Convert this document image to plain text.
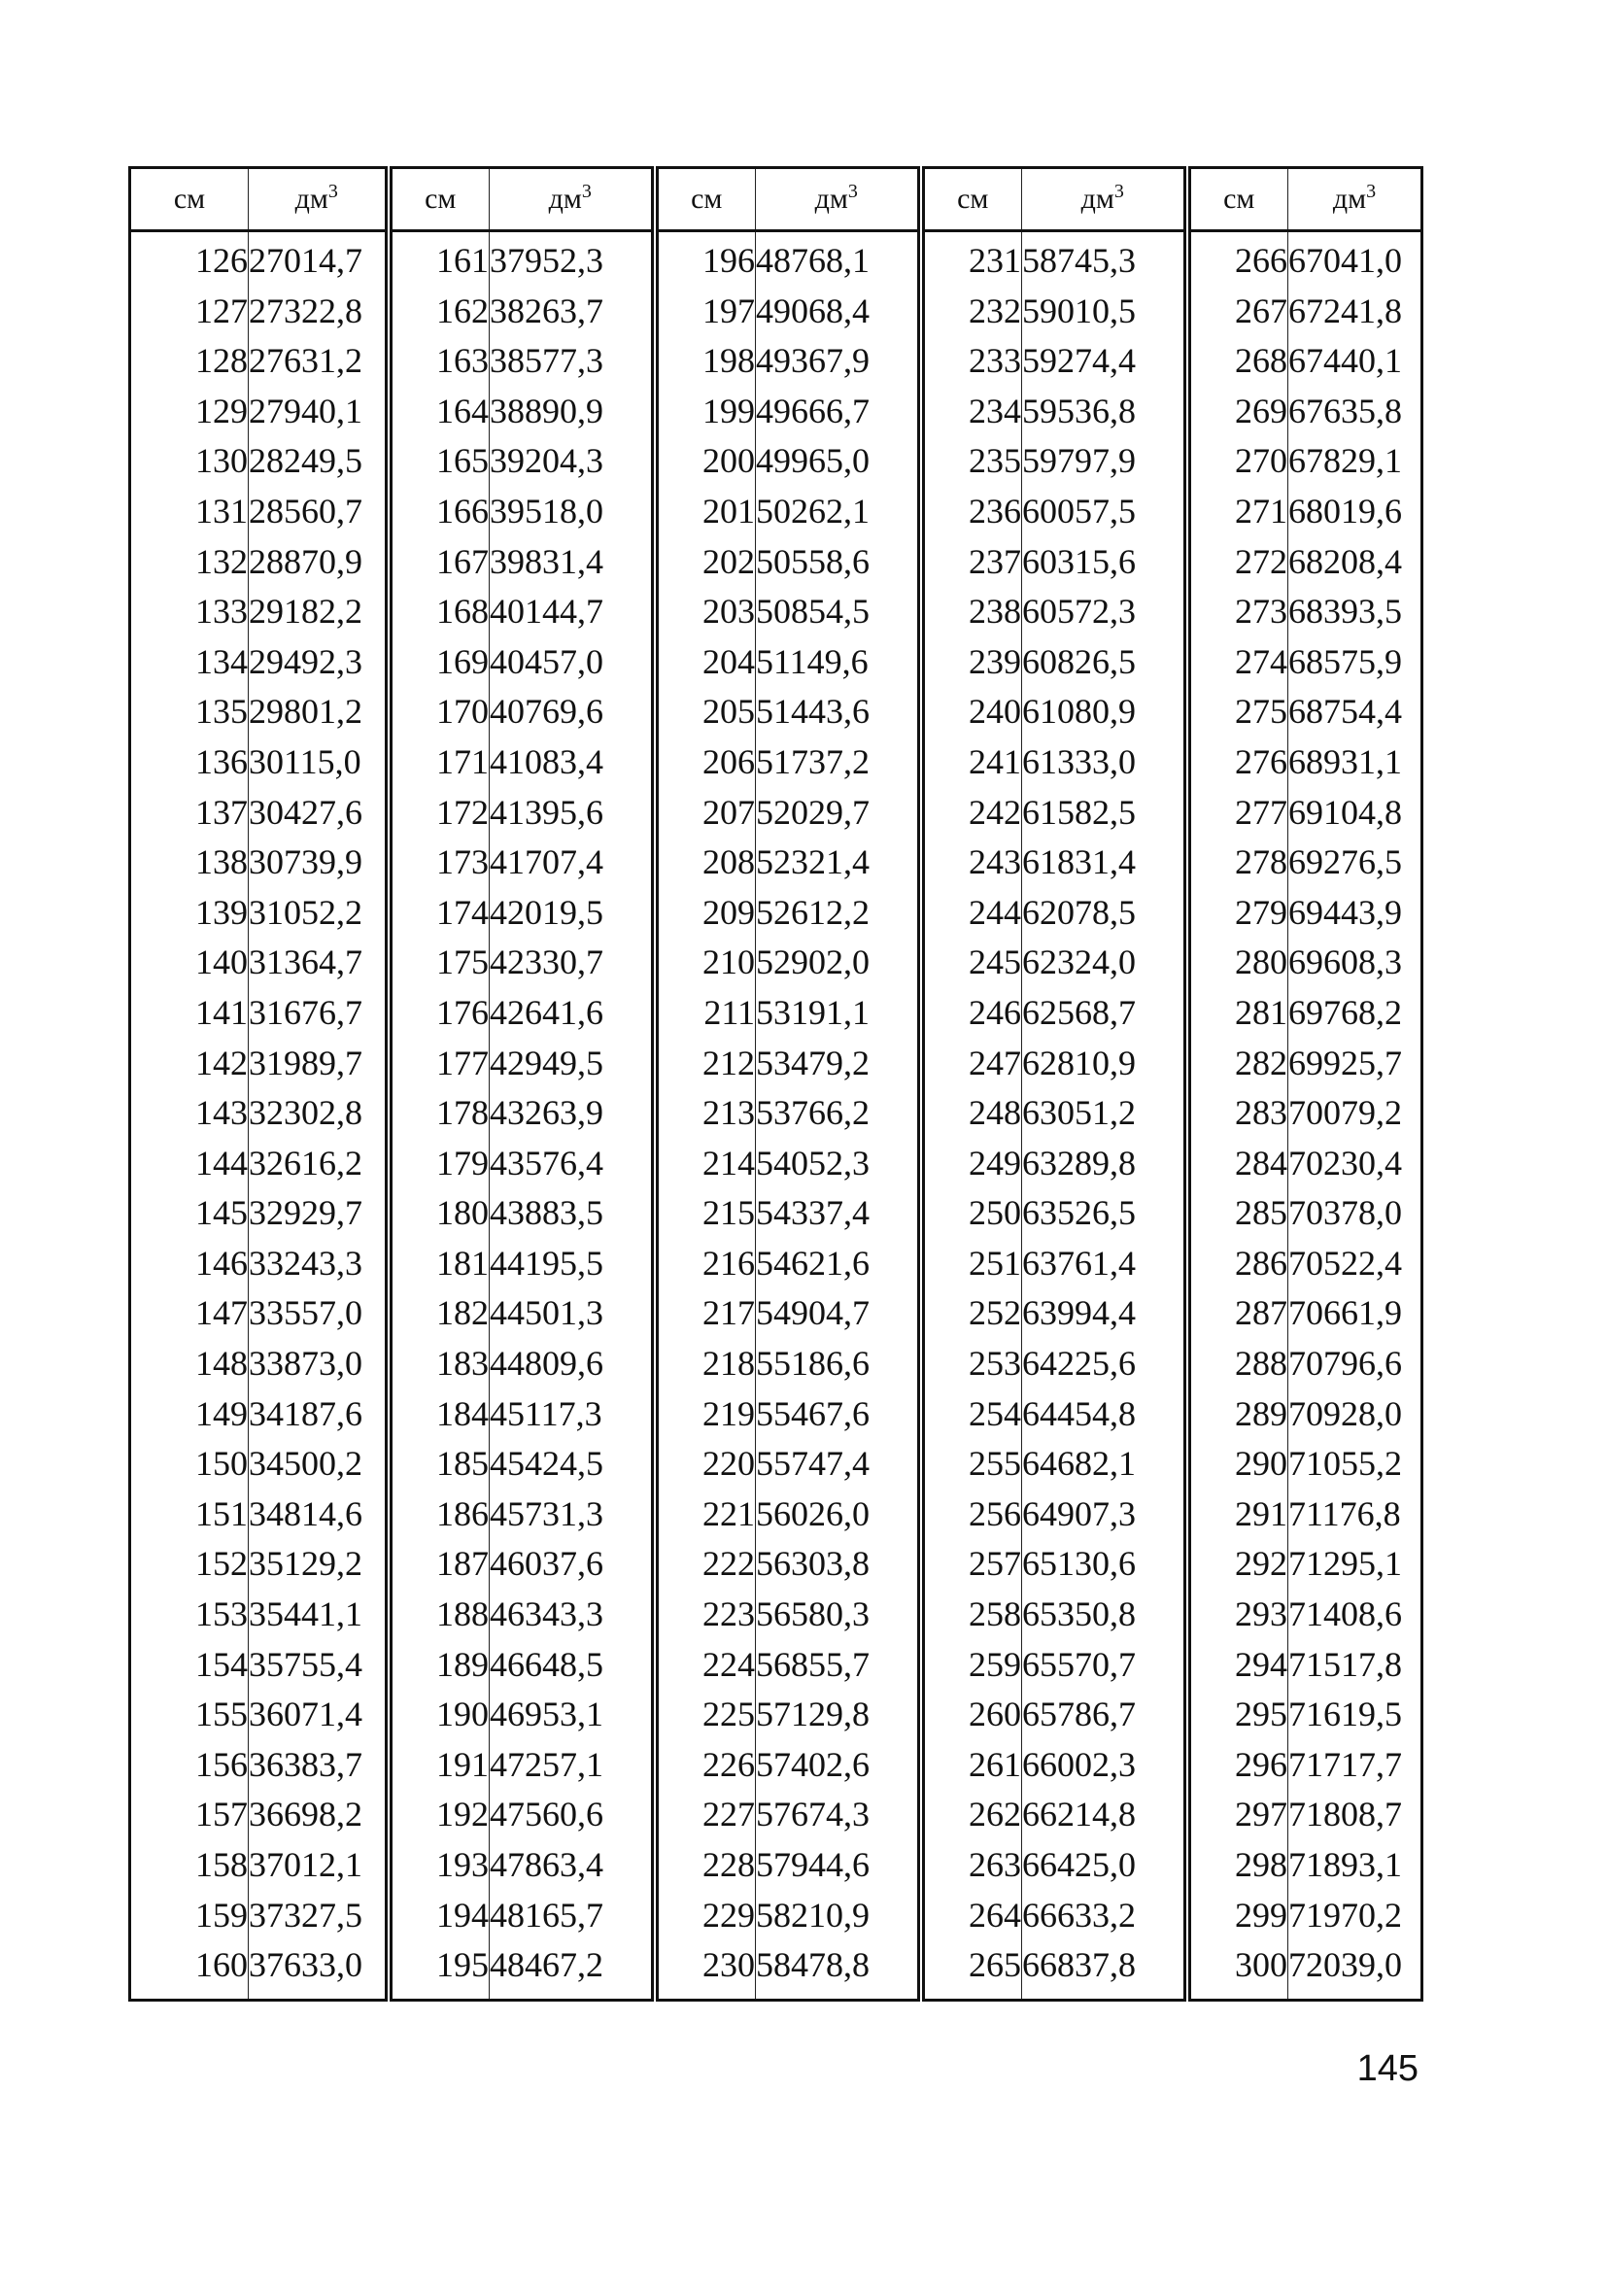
см	$дм^3$	см	$дм^3$	см	$дм^3$	см	$дм^3$	см	$дм^3$
126	27014,7	161	37952,3	196	48768,1	231	58745,3	266	67041,0
127	27322,8	162	38263,7	197	49068,4	232	59010,5	267	67241,8
128	27631,2	163	38577,3	198	49367,9	233	59274,4	268	67440,1
129	27940,1	164	38890,9	199	49666,7	234	59536,8	269	67635,8
130	28249,5	165	39204,3	200	49965,0	235	59797,9	270	67829,1
131	28560,7	166	39518,0	201	50262,1	236	60057,5	271	68019,6
132	28870,9	167	39831,4	202	50558,6	237	60315,6	272	68208,4
133	29182,2	168	40144,7	203	50854,5	238	60572,3	273	68393,5
134	29492,3	169	40457,0	204	51149,6	239	60826,5	274	68575,9
135	29801,2	170	40769,6	205	51443,6	240	61080,9	275	68754,4
136	30115,0	171	41083,4	206	51737,2	241	61333,0	276	68931,1
137	30427,6	172	41395,6	207	52029,7	242	61582,5	277	69104,8
138	30739,9	173	41707,4	208	52321,4	243	61831,4	278	69276,5
139	31052,2	174	42019,5	209	52612,2	244	62078,5	279	69443,9
140	31364,7	175	42330,7	210	52902,0	245	62324,0	280	69608,3
141	31676,7	176	42641,6	211	53191,1	246	62568,7	281	69768,2
142	31989,7	177	42949,5	212	53479,2	247	62810,9	282	69925,7
143	32302,8	178	43263,9	213	53766,2	248	63051,2	283	70079,2
144	32616,2	179	43576,4	214	54052,3	249	63289,8	284	70230,4
145	32929,7	180	43883,5	215	54337,4	250	63526,5	285	70378,0
146	33243,3	181	44195,5	216	54621,6	251	63761,4	286	70522,4
147	33557,0	182	44501,3	217	54904,7	252	63994,4	287	70661,9
148	33873,0	183	44809,6	218	55186,6	253	64225,6	288	70796,6
149	34187,6	184	45117,3	219	55467,6	254	64454,8	289	70928,0
150	34500,2	185	45424,5	220	55747,4	255	64682,1	290	71055,2
151	34814,6	186	45731,3	221	56026,0	256	64907,3	291	71176,8
152	35129,2	187	46037,6	222	56303,8	257	65130,6	292	71295,1
153	35441,1	188	46343,3	223	56580,3	258	65350,8	293	71408,6
154	35755,4	189	46648,5	224	56855,7	259	65570,7	294	71517,8
155	36071,4	190	46953,1	225	57129,8	260	65786,7	295	71619,5
156	36383,7	191	47257,1	226	57402,6	261	66002,3	296	71717,7
157	36698,2	192	47560,6	227	57674,3	262	66214,8	297	71808,7
158	37012,1	193	47863,4	228	57944,6	263	66425,0	298	71893,1
159	37327,5	194	48165,7	229	58210,9	264	66633,2	299	71970,2
160	37633,0	195	48467,2	230	58478,8	265	66837,8	300	72039,0
145
